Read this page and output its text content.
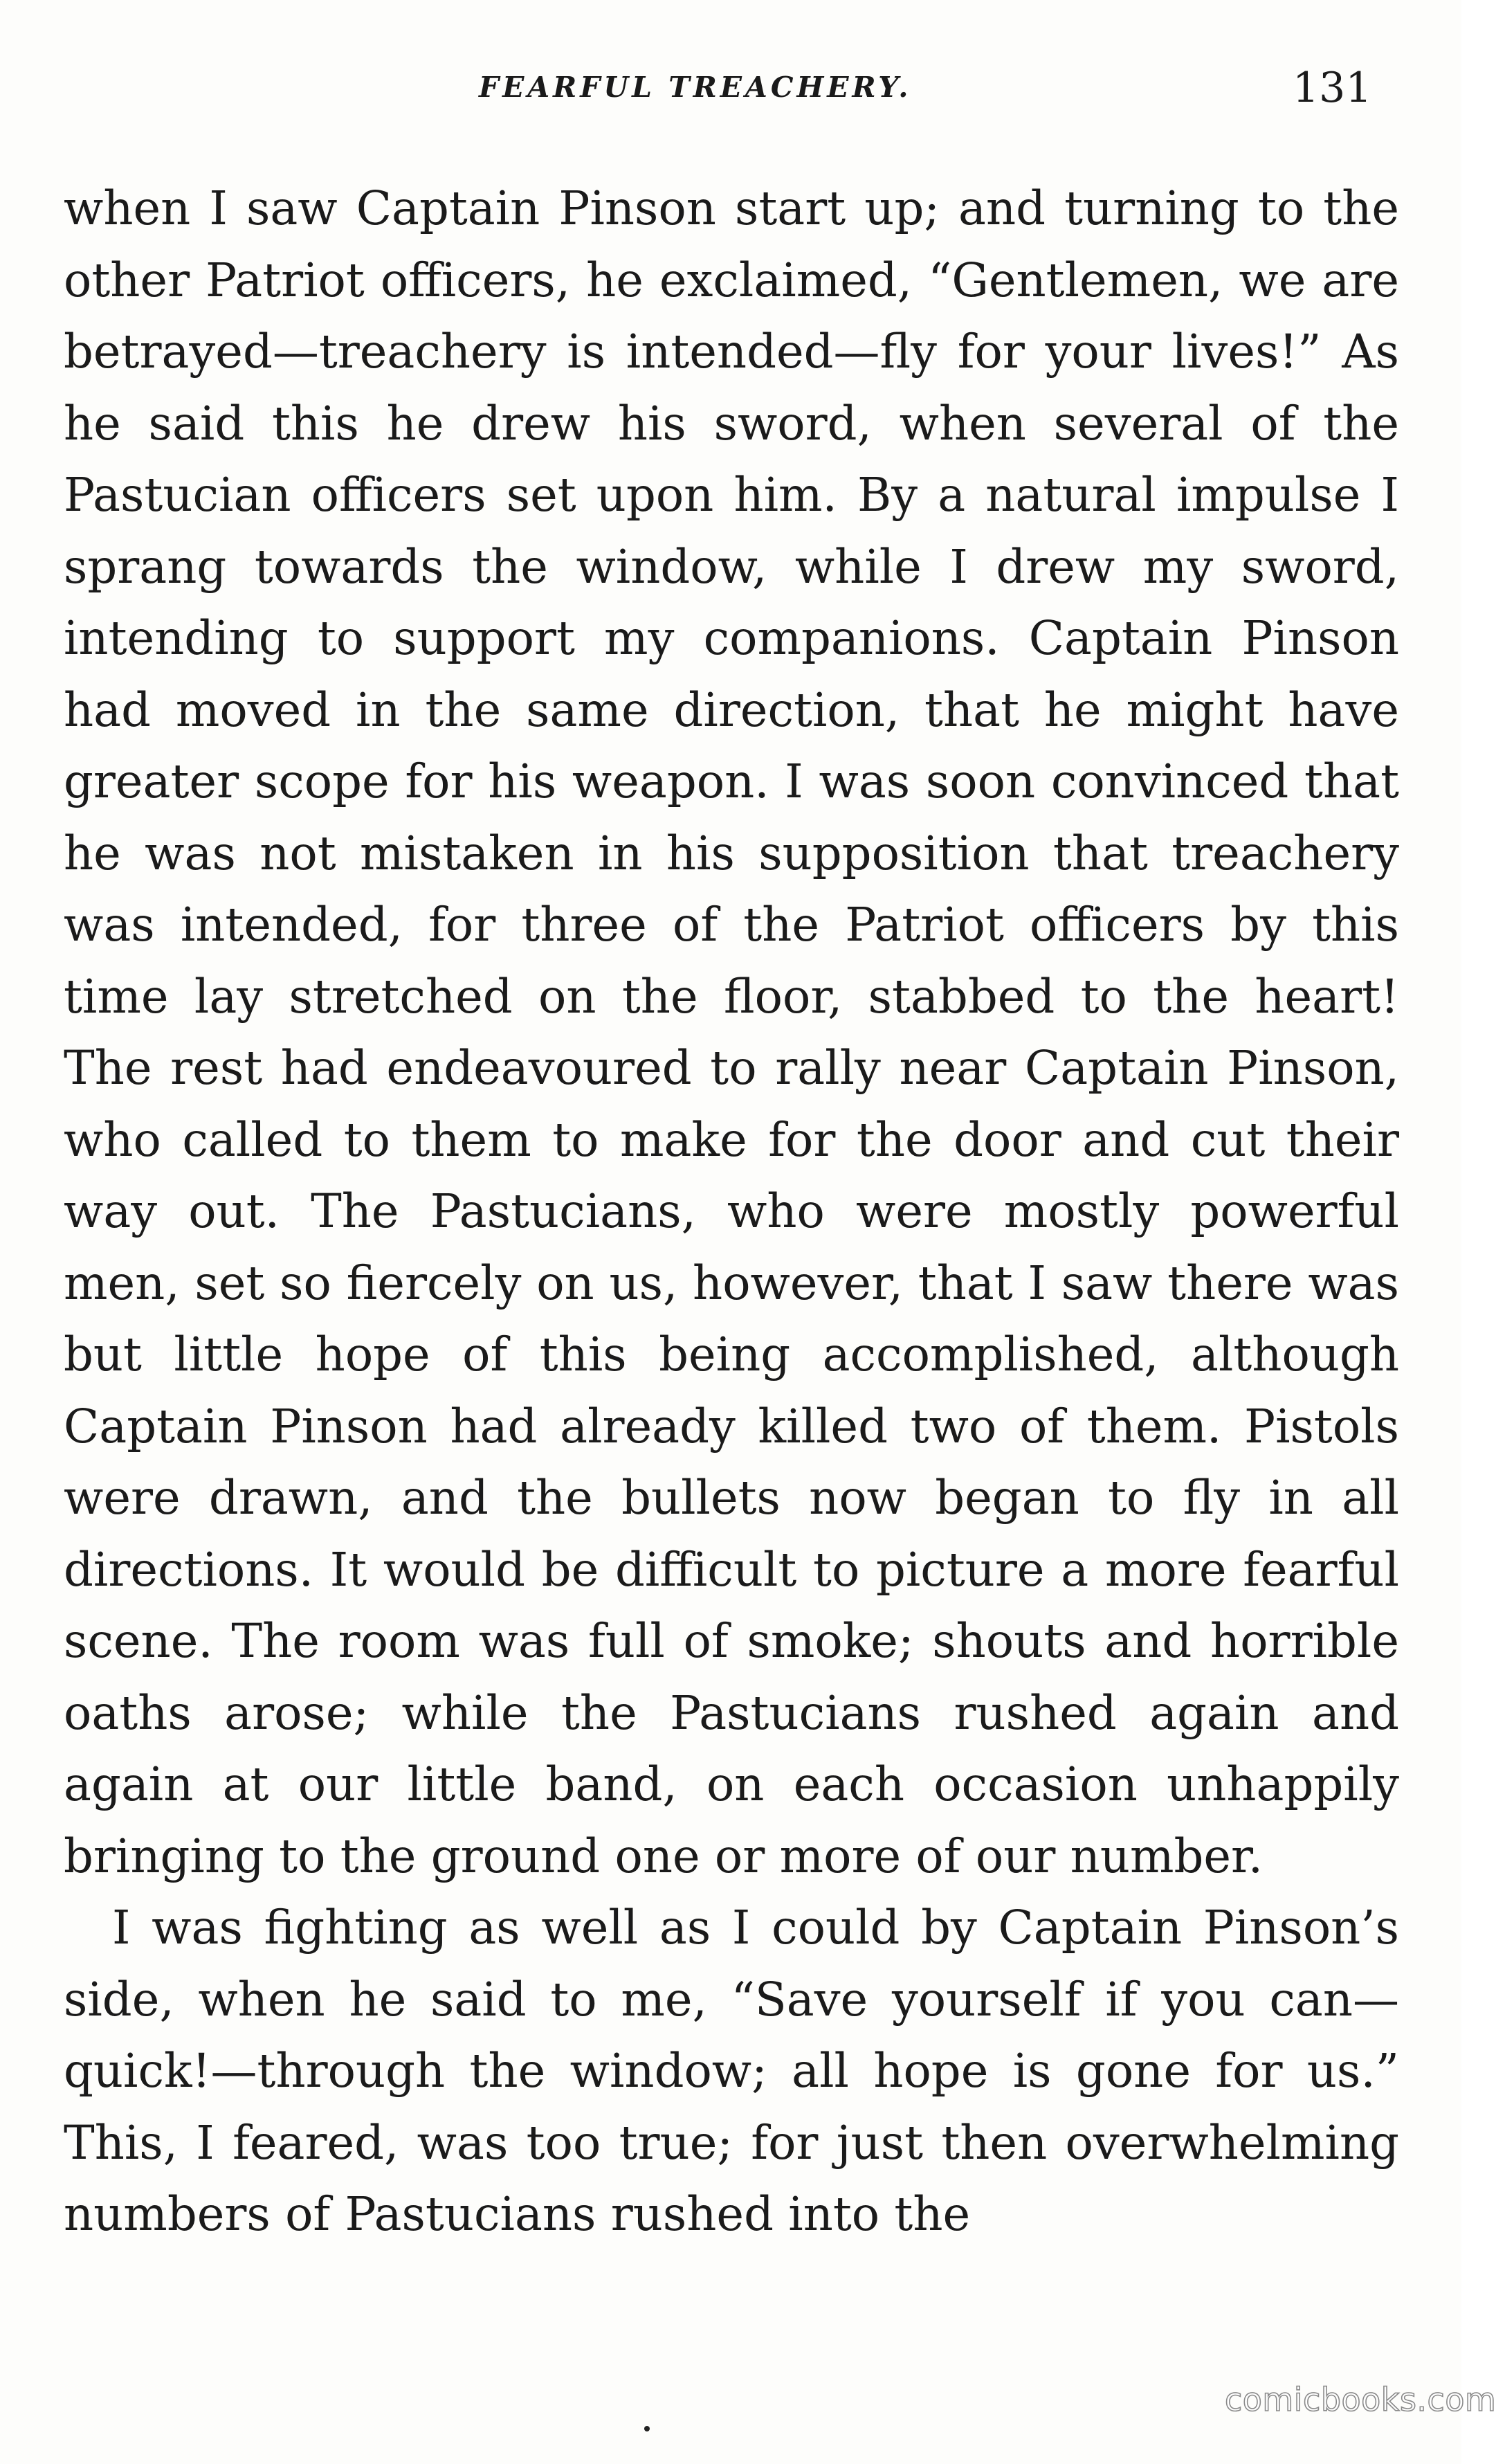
FEARFUL TREACHERY.	131

when I saw Captain Pinson start up; and turning to the other Patriot officers, he exclaimed, “Gentlemen, we are betrayed—treachery is intended—fly for your lives!” As he said this he drew his sword, when several of the Pastucian officers set upon him. By a natural impulse I sprang towards the window, while I drew my sword, intending to support my companions. Captain Pinson had moved in the same direction, that he might have greater scope for his weapon. I was soon convinced that he was not mistaken in his supposition that treachery was intended, for three of the Patriot officers by this time lay stretched on the floor, stabbed to the heart! The rest had endeavoured to rally near Captain Pinson, who called to them to make for the door and cut their way out. The Pastucians, who were mostly powerful men, set so fiercely on us, however, that I saw there was but little hope of this being accomplished, although Captain Pinson had already killed two of them. Pistols were drawn, and the bullets now began to fly in all directions. It would be difficult to picture a more fearful scene. The room was full of smoke; shouts and horrible oaths arose; while the Pastucians rushed again and again at our little band, on each occasion unhappily bringing to the ground one or more of our number.

I was fighting as well as I could by Captain Pinson’s side, when he said to me, “Save yourself if you can—quick!—through the window; all hope is gone for us.” This, I feared, was too true; for just then overwhelming numbers of Pastucians rushed into the

comicbooks.com
